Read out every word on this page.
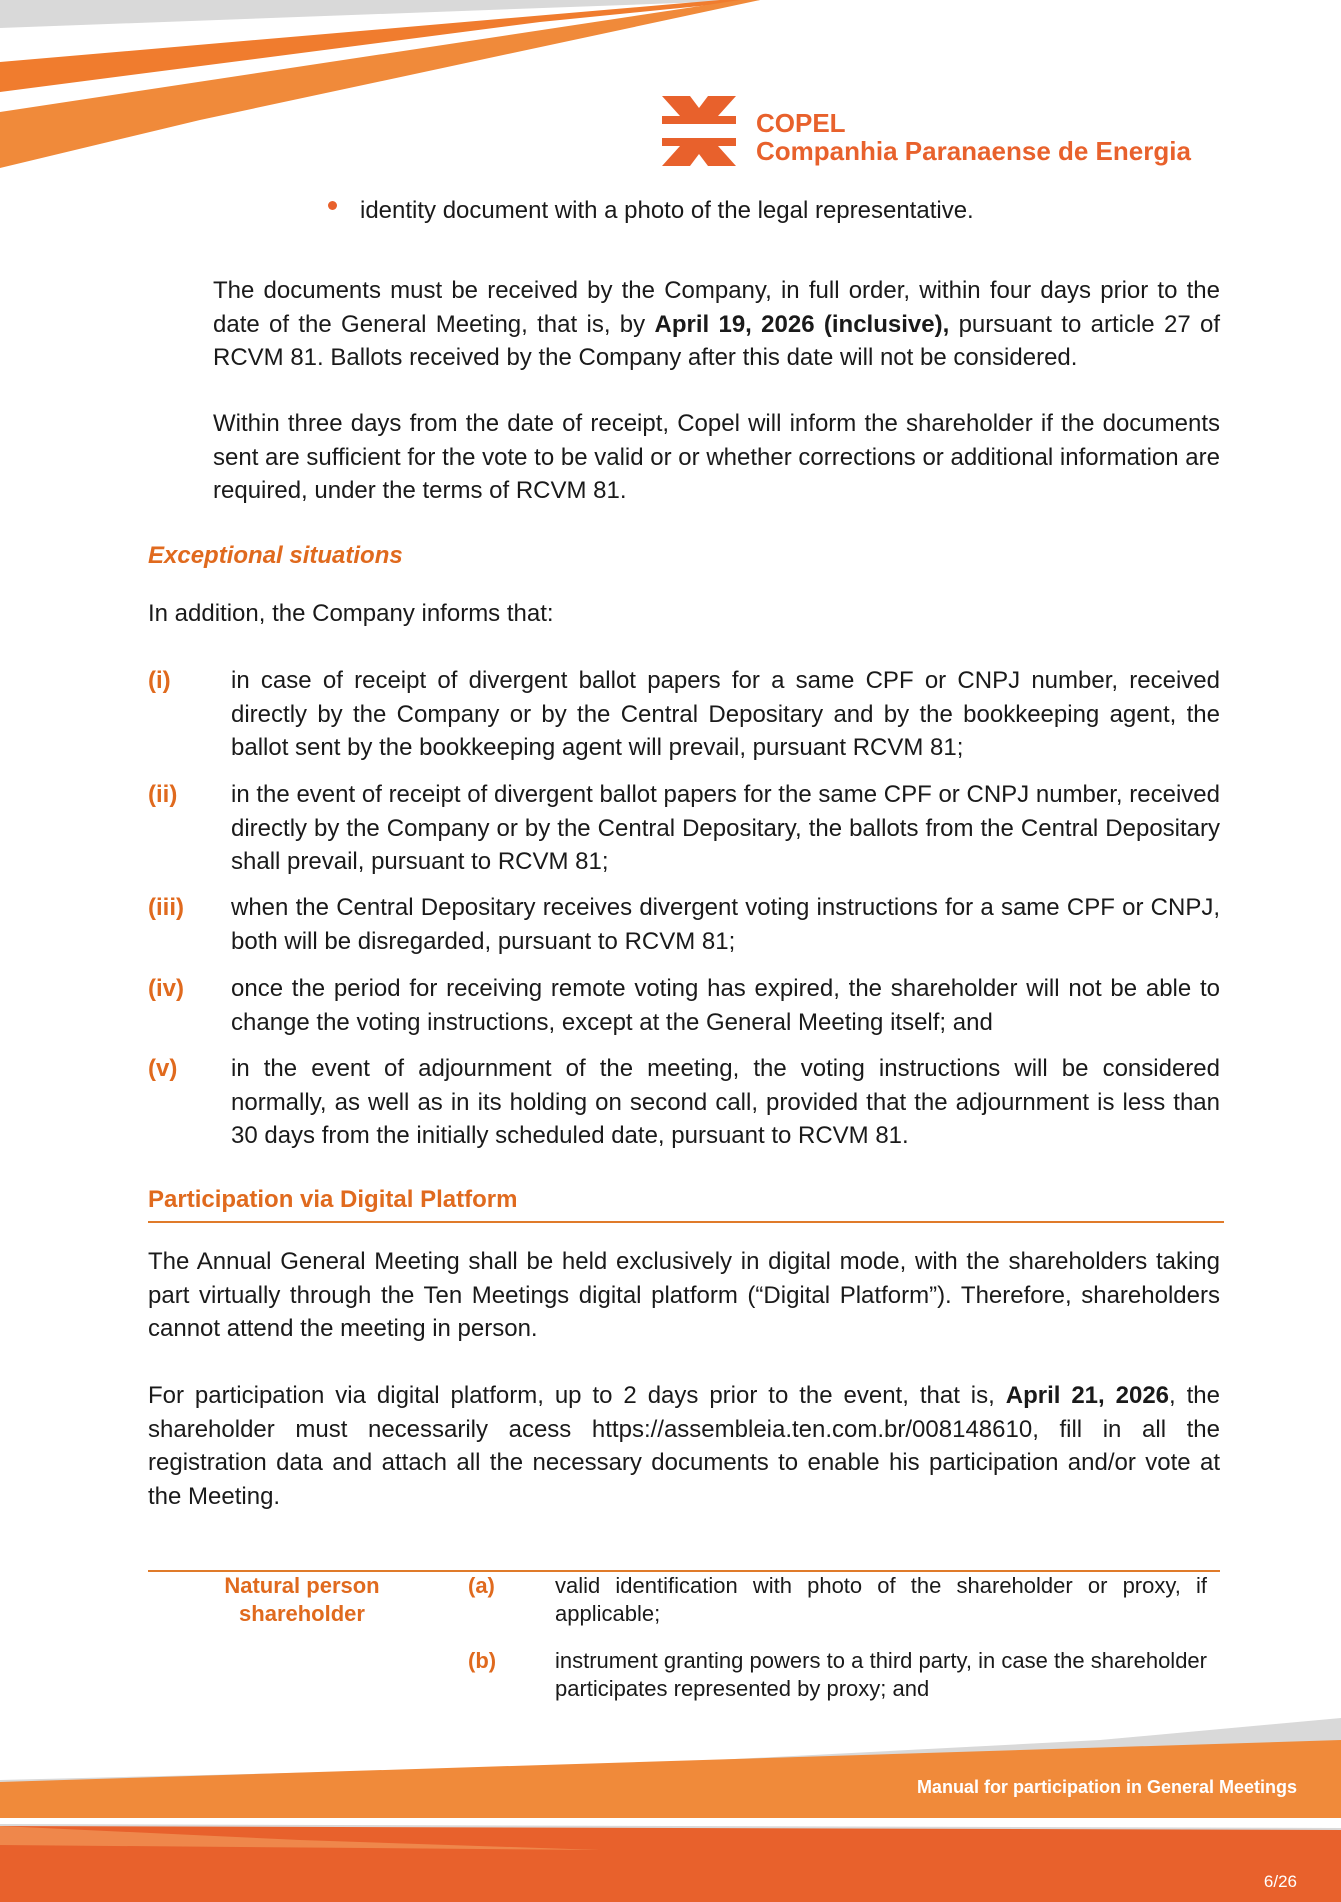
COPEL
Companhia Paranaense de Energia
identity document with a photo of the legal representative.
The documents must be received by the Company, in full order, within four days prior to the date of the General Meeting, that is, by April 19, 2026 (inclusive), pursuant to article 27 of RCVM 81. Ballots received by the Company after this date will not be considered.
Within three days from the date of receipt, Copel will inform the shareholder if the documents sent are sufficient for the vote to be valid or or whether corrections or additional information are required, under the terms of RCVM 81.
Exceptional situations
In addition, the Company informs that:
(i)	in case of receipt of divergent ballot papers for a same CPF or CNPJ number, received directly by the Company or by the Central Depositary and by the bookkeeping agent, the ballot sent by the bookkeeping agent will prevail, pursuant RCVM 81;
(ii) in the event of receipt of divergent ballot papers for the same CPF or CNPJ number, received directly by the Company or by the Central Depositary, the ballots from the Central Depositary shall prevail, pursuant to RCVM 81;
(iii) when the Central Depositary receives divergent voting instructions for a same CPF or CNPJ, both will be disregarded, pursuant to RCVM 81;
(iv) once the period for receiving remote voting has expired, the shareholder will not be able to change the voting instructions, except at the General Meeting itself; and
(v) in the event of adjournment of the meeting, the voting instructions will be considered normally, as well as in its holding on second call, provided that the adjournment is less than 30 days from the initially scheduled date, pursuant to RCVM 81.
Participation via Digital Platform
The Annual General Meeting shall be held exclusively in digital mode, with the shareholders taking part virtually through the Ten Meetings digital platform (“Digital Platform”). Therefore, shareholders cannot attend the meeting in person.
For participation via digital platform, up to 2 days prior to the event, that is, April 21, 2026, the shareholder must necessarily acess https://assembleia.ten.com.br/008148610, fill in all the registration data and attach all the necessary documents to enable his participation and/or vote at the Meeting.
Natural person shareholder
(a)	valid identification with photo of the shareholder or proxy, if applicable;
(b)	instrument granting powers to a third party, in case the shareholder participates represented by proxy; and
Manual for participation in General Meetings
6/26
